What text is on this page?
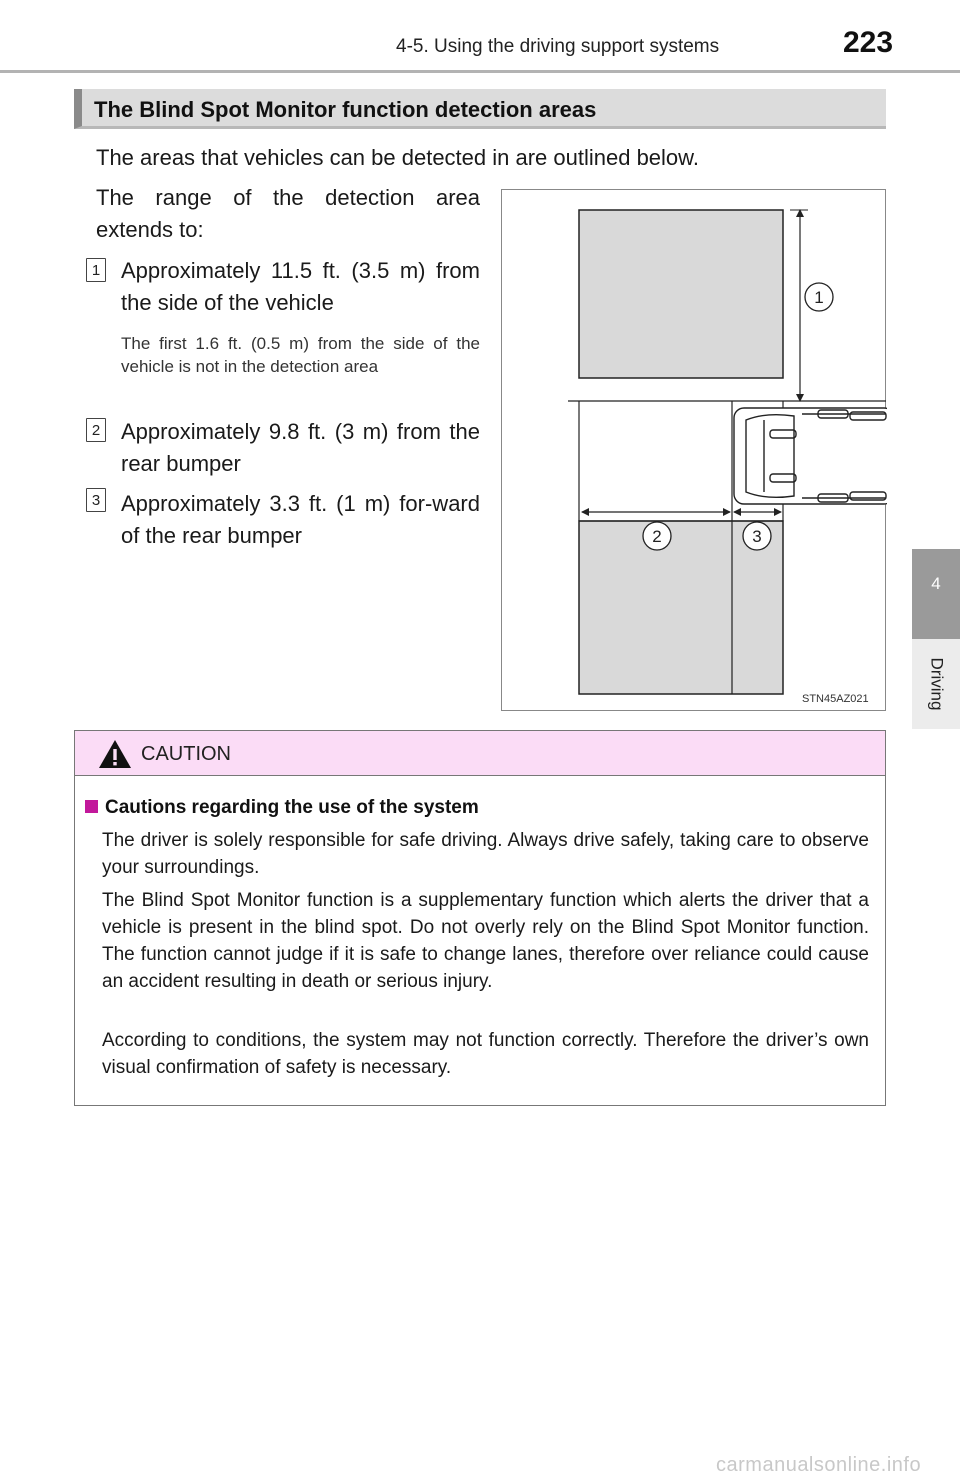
4-5. Using the driving support systems	223
4
Driving
The Blind Spot Monitor function detection areas
The areas that vehicles can be detected in are outlined below.
The range of the detection area extends to:
1 Approximately 11.5 ft. (3.5 m) from the side of the vehicle
The first 1.6 ft. (0.5 m) from the side of the vehicle is not in the detection area
2 Approximately 9.8 ft. (3 m) from the rear bumper
3 Approximately 3.3 ft. (1 m) for-ward of the rear bumper
1
2	3
STN45AZ021
CAUTION
Cautions regarding the use of the system
The driver is solely responsible for safe driving. Always drive safely, taking care to observe your surroundings.
The Blind Spot Monitor function is a supplementary function which alerts the driver that a vehicle is present in the blind spot. Do not overly rely on the Blind Spot Monitor function. The function cannot judge if it is safe to change lanes, therefore over reliance could cause an accident resulting in death or serious injury.
According to conditions, the system may not function correctly. Therefore the driver’s own visual confirmation of safety is necessary.
carmanualsonline.info
